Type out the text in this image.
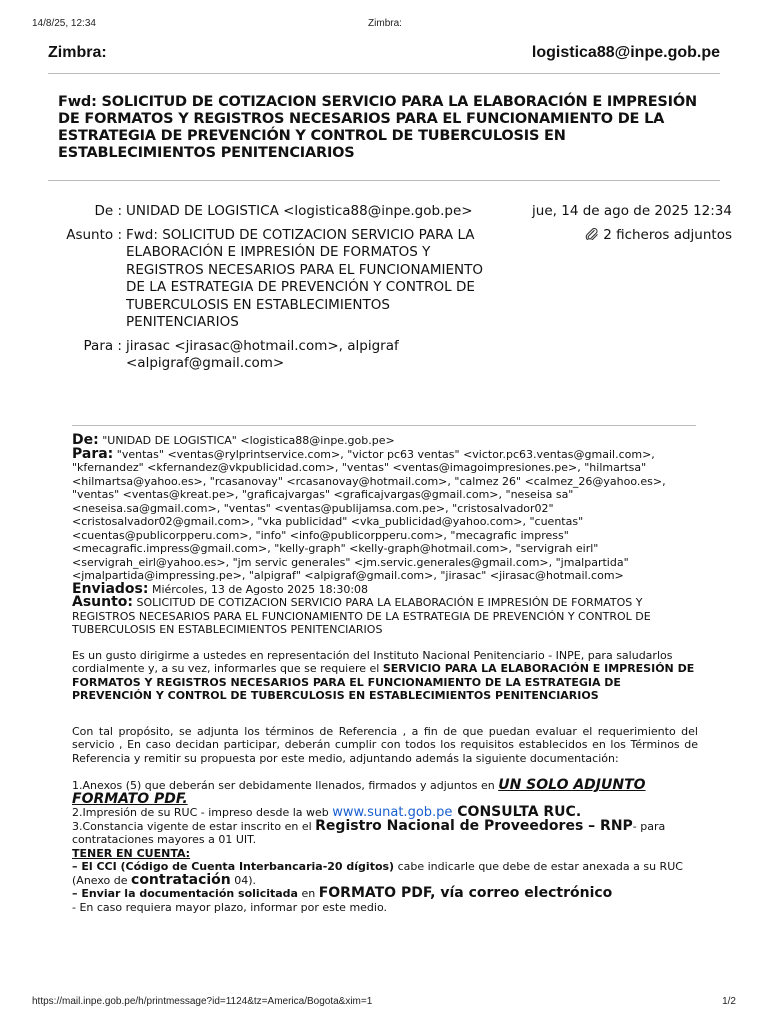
14/8/25, 12:34	Zimbra:
Zimbra:	logistica88@inpe.gob.pe
Fwd: SOLICITUD DE COTIZACION SERVICIO PARA LA ELABORACIÓN E IMPRESIÓN DE FORMATOS Y REGISTROS NECESARIOS PARA EL FUNCIONAMIENTO DE LA ESTRATEGIA DE PREVENCIÓN Y CONTROL DE TUBERCULOSIS EN ESTABLECIMIENTOS PENITENCIARIOS
De :	UNIDAD DE LOGISTICA <logistica88@inpe.gob.pe>	jue, 14 de ago de 2025 12:34

Asunto :	Fwd: SOLICITUD DE COTIZACION SERVICIO PARA LA ELABORACIÓN E IMPRESIÓN DE FORMATOS Y REGISTROS NECESARIOS PARA EL FUNCIONAMIENTO DE LA ESTRATEGIA DE PREVENCIÓN Y CONTROL DE TUBERCULOSIS EN ESTABLECIMIENTOS PENITENCIARIOS	2 ficheros adjuntos

Para :	jirasac <jirasac@hotmail.com>, alpigraf <alpigraf@gmail.com>	

De: "UNIDAD DE LOGISTICA" <logistica88@inpe.gob.pe>

Para: "ventas" <ventas@rylprintservice.com>, "victor pc63 ventas" <victor.pc63.ventas@gmail.com>, "kfernandez" <kfernandez@vkpublicidad.com>, "ventas" <ventas@imagoimpresiones.pe>, "hilmartsa" <hilmartsa@yahoo.es>, "rcasanovay" <rcasanovay@hotmail.com>, "calmez 26" <calmez_26@yahoo.es>, "ventas" <ventas@kreat.pe>, "graficajvargas" <graficajvargas@gmail.com>, "neseisa sa" <neseisa.sa@gmail.com>, "ventas" <ventas@publijamsa.com.pe>, "cristosalvador02" <cristosalvador02@gmail.com>, "vka publicidad" <vka_publicidad@yahoo.com>, "cuentas" <cuentas@publicorpperu.com>, "info" <info@publicorpperu.com>, "mecagrafic impress" <mecagrafic.impress@gmail.com>, "kelly-graph" <kelly-graph@hotmail.com>, "servigrah eirl" <servigrah_eirl@yahoo.es>, "jm servic generales" <jm.servic.generales@gmail.com>, "jmalpartida" <jmalpartida@impressing.pe>, "alpigraf" <alpigraf@gmail.com>, "jirasac" <jirasac@hotmail.com>

Enviados: Miércoles, 13 de Agosto 2025 18:30:08

Asunto: SOLICITUD DE COTIZACION SERVICIO PARA LA ELABORACIÓN E IMPRESIÓN DE FORMATOS Y REGISTROS NECESARIOS PARA EL FUNCIONAMIENTO DE LA ESTRATEGIA DE PREVENCIÓN Y CONTROL DE TUBERCULOSIS EN ESTABLECIMIENTOS PENITENCIARIOS

Es un gusto dirigirme a ustedes en representación del Instituto Nacional Penitenciario - INPE, para saludarlos cordialmente y, a su vez, informarles que se requiere el SERVICIO PARA LA ELABORACIÓN E IMPRESIÓN DE FORMATOS Y REGISTROS NECESARIOS PARA EL FUNCIONAMIENTO DE LA ESTRATEGIA DE PREVENCIÓN Y CONTROL DE TUBERCULOSIS EN ESTABLECIMIENTOS PENITENCIARIOS

Con tal propósito, se adjunta los términos de Referencia , a fin de que puedan evaluar el requerimiento del servicio , En caso decidan participar, deberán cumplir con todos los requisitos establecidos en los Términos de Referencia y remitir su propuesta por este medio, adjuntando además la siguiente documentación:

1.Anexos (5) que deberán ser debidamente llenados, firmados y adjuntos en UN SOLO ADJUNTO FORMATO PDF.

2.Impresión de su RUC - impreso desde la web www.sunat.gob.pe CONSULTA RUC.

3.Constancia vigente de estar inscrito en el Registro Nacional de Proveedores – RNP- para contrataciones mayores a 01 UIT.

TENER EN CUENTA:

– El CCI (Código de Cuenta Interbancaria-20 dígitos) cabe indicarle que debe de estar anexada a su RUC (Anexo de contratación 04).

– Enviar la documentación solicitada en FORMATO PDF, vía correo electrónico

- En caso requiera mayor plazo, informar por este medio.

https://mail.inpe.gob.pe/h/printmessage?id=1124&tz=America/Bogota&xim=1	1/2
